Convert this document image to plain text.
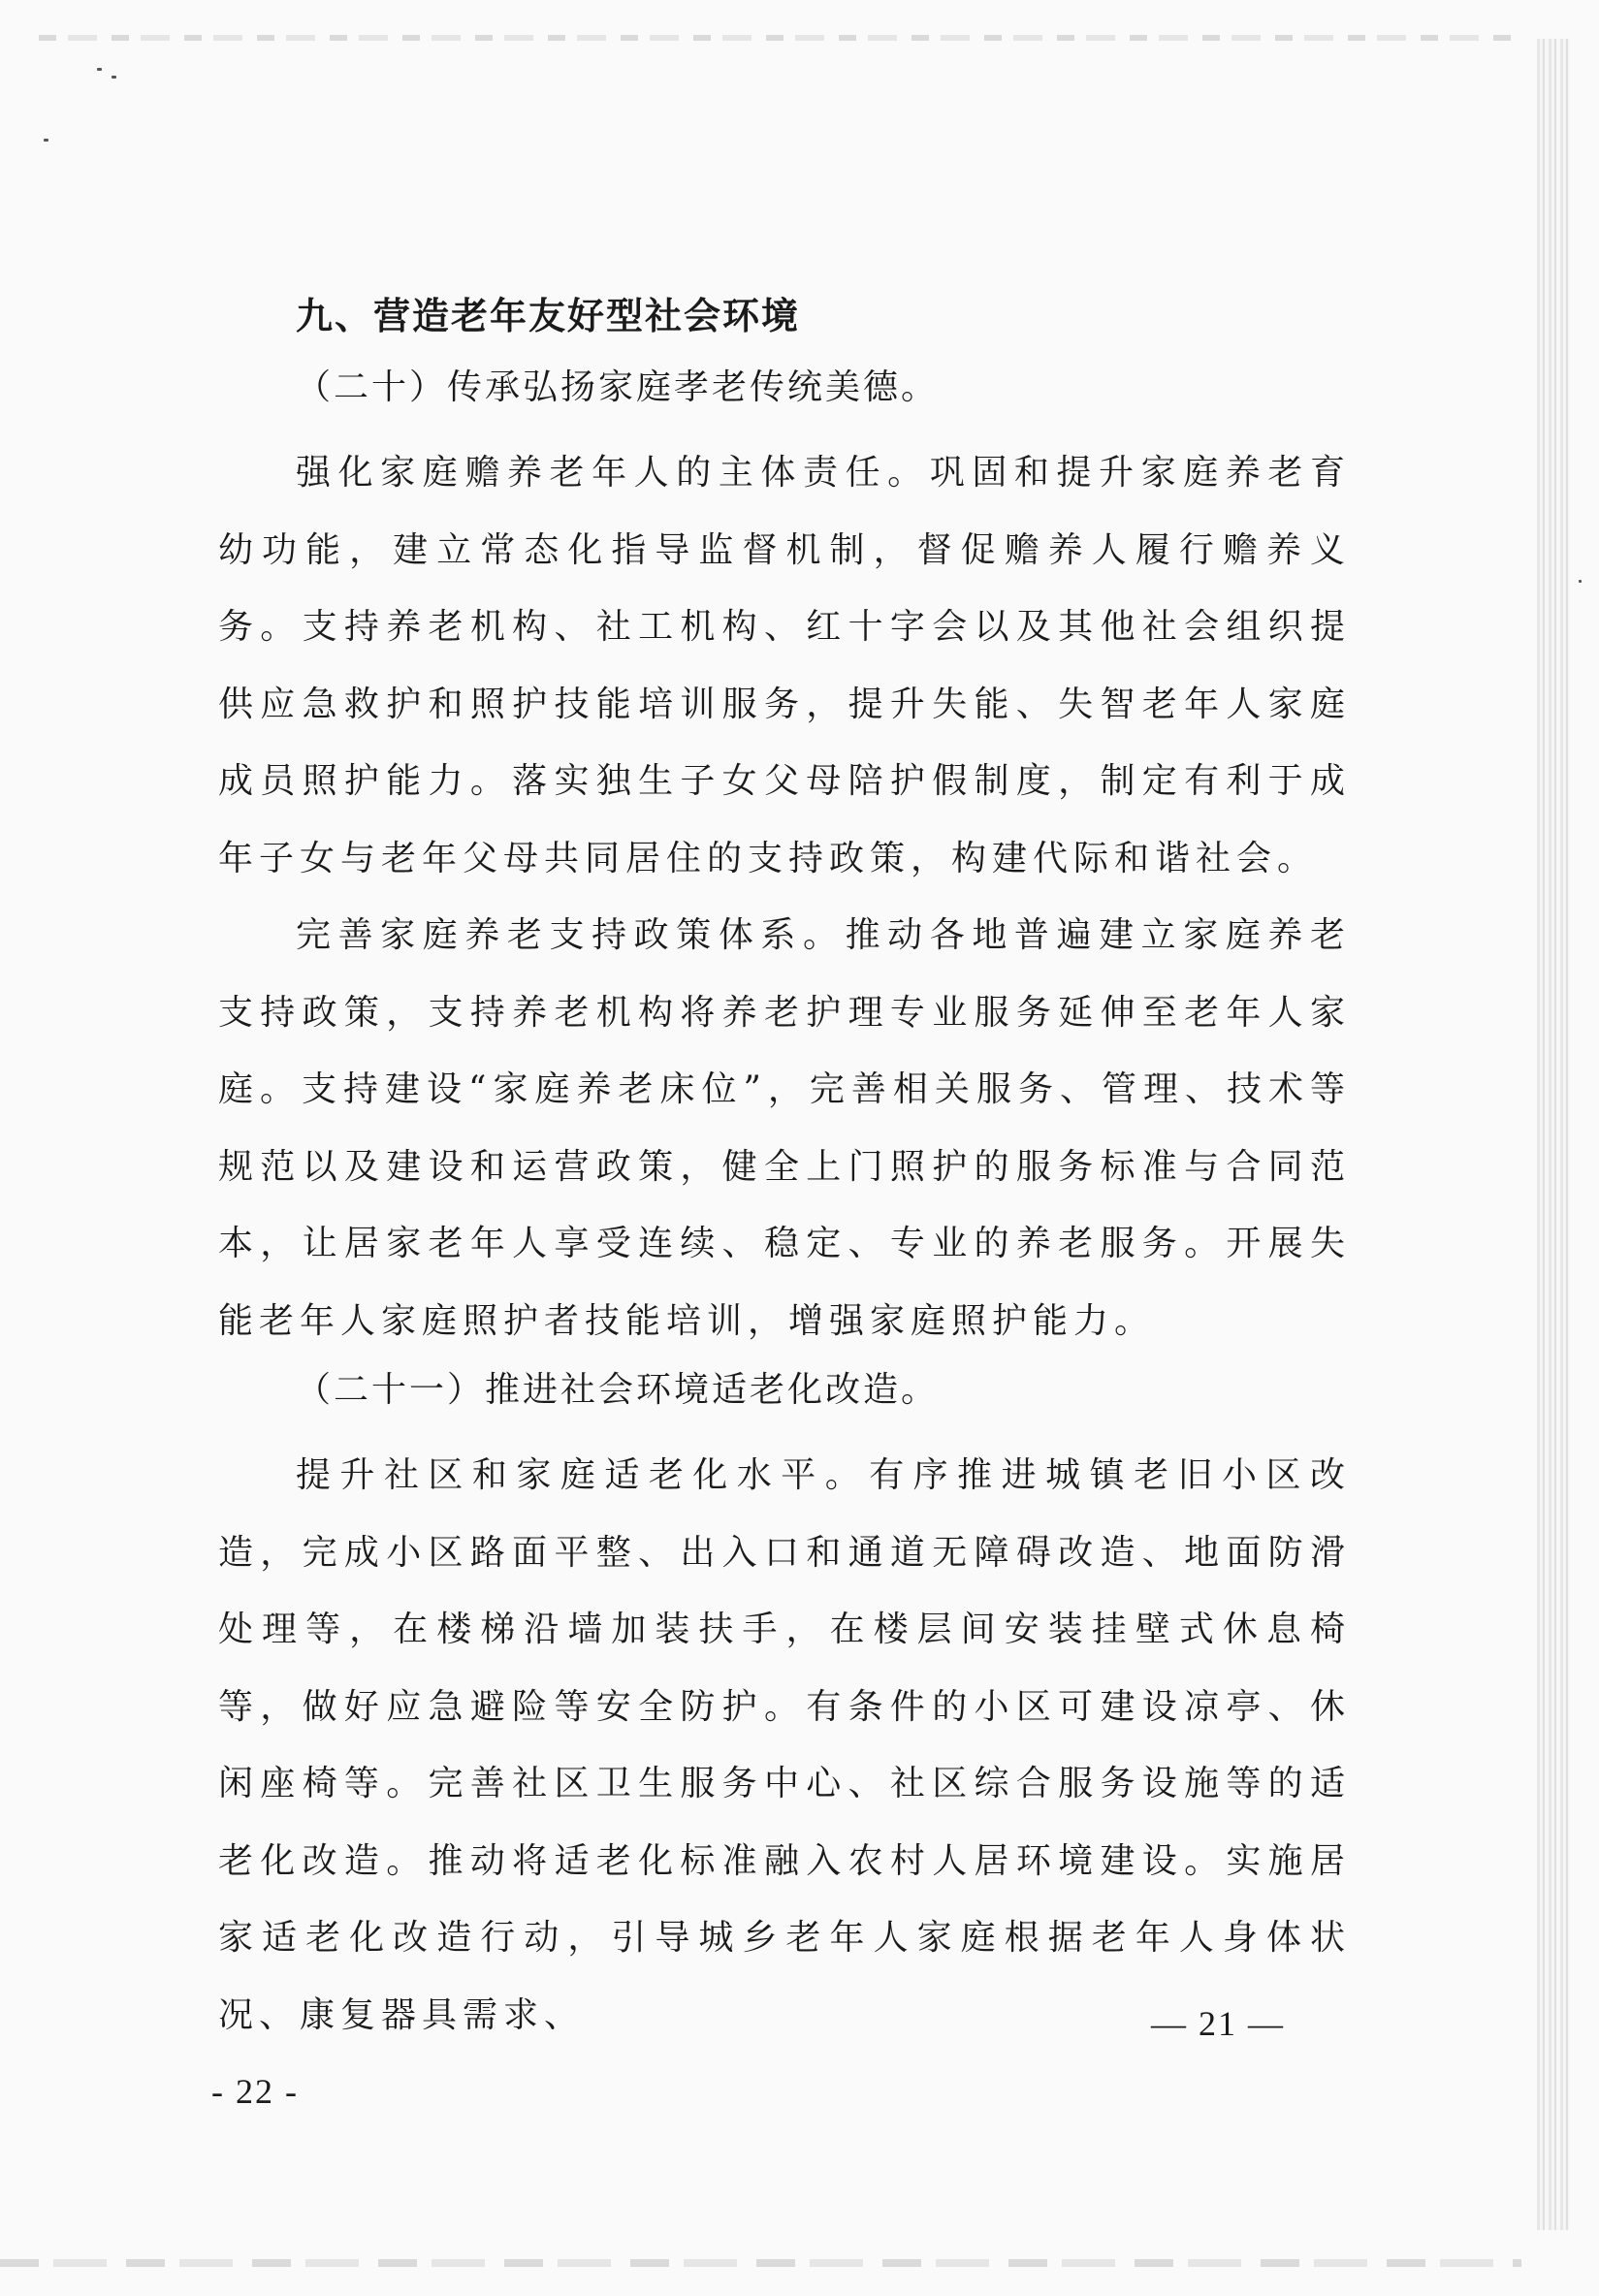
九、营造老年友好型社会环境
（二十）传承弘扬家庭孝老传统美德。

强化家庭赡养老年人的主体责任。巩固和提升家庭养老育幼功能，建立常态化指导监督机制，督促赡养人履行赡养义务。支持养老机构、社工机构、红十字会以及其他社会组织提供应急救护和照护技能培训服务，提升失能、失智老年人家庭成员照护能力。落实独生子女父母陪护假制度，制定有利于成年子女与老年父母共同居住的支持政策，构建代际和谐社会。

完善家庭养老支持政策体系。推动各地普遍建立家庭养老支持政策，支持养老机构将养老护理专业服务延伸至老年人家庭。支持建设“家庭养老床位”，完善相关服务、管理、技术等规范以及建设和运营政策，健全上门照护的服务标准与合同范本，让居家老年人享受连续、稳定、专业的养老服务。开展失能老年人家庭照护者技能培训，增强家庭照护能力。

（二十一）推进社会环境适老化改造。

提升社区和家庭适老化水平。有序推进城镇老旧小区改造，完成小区路面平整、出入口和通道无障碍改造、地面防滑处理等，在楼梯沿墙加装扶手，在楼层间安装挂壁式休息椅等，做好应急避险等安全防护。有条件的小区可建设凉亭、休闲座椅等。完善社区卫生服务中心、社区综合服务设施等的适老化改造。推动将适老化标准融入农村人居环境建设。实施居家适老化改造行动，引导城乡老年人家庭根据老年人身体状况、康复器具需求、	— 21 —
- 22 -
